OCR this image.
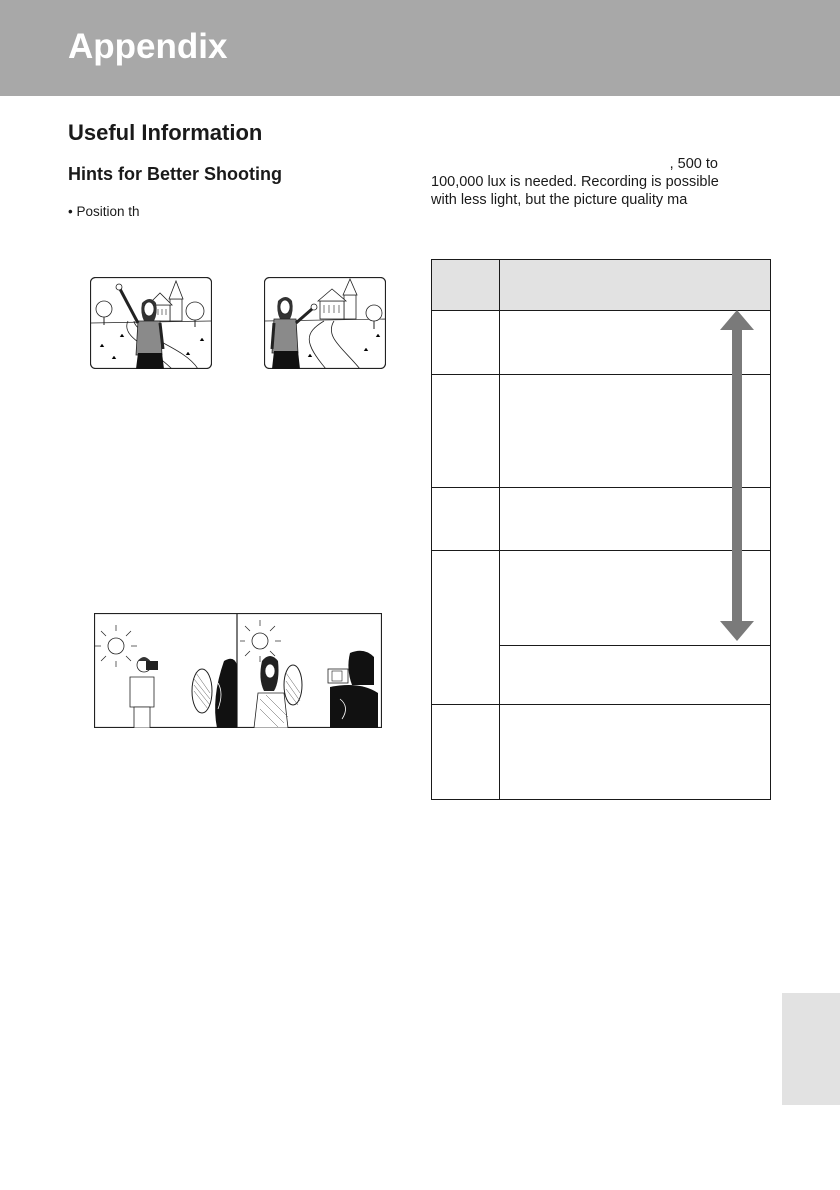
Appendix
Useful Information
Hints for Better Shooting

• Position th

, 500 to
100,000 lux is needed. Recording is possible
with less light, but the picture quality ma
